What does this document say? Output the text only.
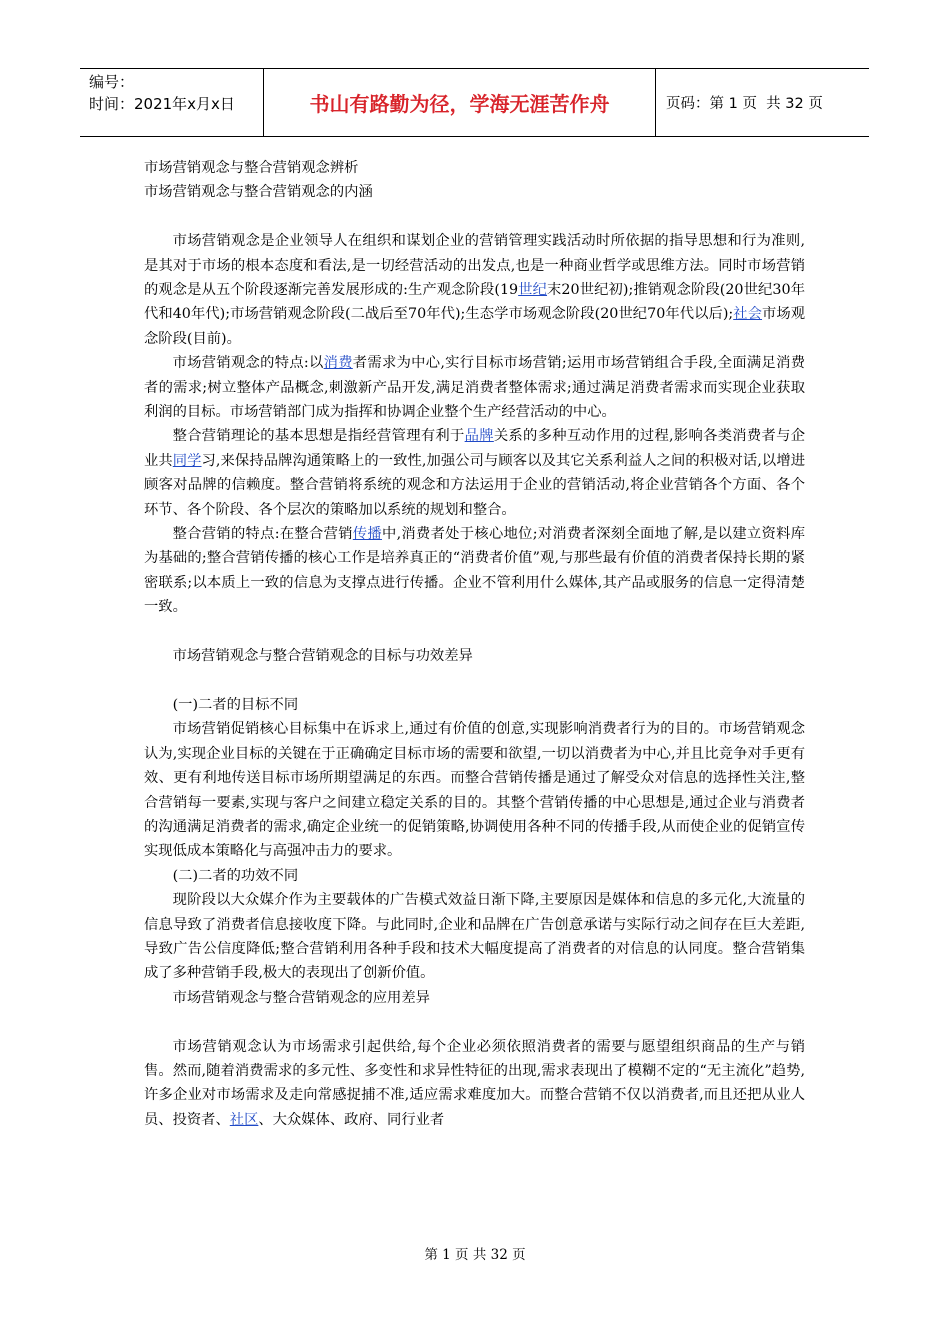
编号：
时间：2021年x月x日	书山有路勤为径，学海无涯苦作舟	页码：第 1 页  共 32 页

市场营销观念与整合营销观念辨析

市场营销观念与整合营销观念的内涵

市场营销观念是企业领导人在组织和谋划企业的营销管理实践活动时所依据的指导思想和行为准则,是其对于市场的根本态度和看法,是一切经营活动的出发点,也是一种商业哲学或思维方法。同时市场营销的观念是从五个阶段逐渐完善发展形成的:生产观念阶段(19世纪末20世纪初);推销观念阶段(20世纪30年代和40年代);市场营销观念阶段(二战后至70年代);生态学市场观念阶段(20世纪70年代以后);社会市场观念阶段(目前)。

市场营销观念的特点:以消费者需求为中心,实行目标市场营销;运用市场营销组合手段,全面满足消费者的需求;树立整体产品概念,刺激新产品开发,满足消费者整体需求;通过满足消费者需求而实现企业获取利润的目标。市场营销部门成为指挥和协调企业整个生产经营活动的中心。

整合营销理论的基本思想是指经营管理有利于品牌关系的多种互动作用的过程,影响各类消费者与企业共同学习,来保持品牌沟通策略上的一致性,加强公司与顾客以及其它关系利益人之间的积极对话,以增进顾客对品牌的信赖度。整合营销将系统的观念和方法运用于企业的营销活动,将企业营销各个方面、各个环节、各个阶段、各个层次的策略加以系统的规划和整合。

整合营销的特点:在整合营销传播中,消费者处于核心地位;对消费者深刻全面地了解,是以建立资料库为基础的;整合营销传播的核心工作是培养真正的“消费者价值”观,与那些最有价值的消费者保持长期的紧密联系;以本质上一致的信息为支撑点进行传播。企业不管利用什么媒体,其产品或服务的信息一定得清楚一致。

市场营销观念与整合营销观念的目标与功效差异

(一)二者的目标不同

市场营销促销核心目标集中在诉求上,通过有价值的创意,实现影响消费者行为的目的。市场营销观念认为,实现企业目标的关键在于正确确定目标市场的需要和欲望,一切以消费者为中心,并且比竞争对手更有效、更有利地传送目标市场所期望满足的东西。而整合营销传播是通过了解受众对信息的选择性关注,整合营销每一要素,实现与客户之间建立稳定关系的目的。其整个营销传播的中心思想是,通过企业与消费者的沟通满足消费者的需求,确定企业统一的促销策略,协调使用各种不同的传播手段,从而使企业的促销宣传实现低成本策略化与高强冲击力的要求。

(二)二者的功效不同

现阶段以大众媒介作为主要载体的广告模式效益日渐下降,主要原因是媒体和信息的多元化,大流量的信息导致了消费者信息接收度下降。与此同时,企业和品牌在广告创意承诺与实际行动之间存在巨大差距,导致广告公信度降低;整合营销利用各种手段和技术大幅度提高了消费者的对信息的认同度。整合营销集成了多种营销手段,极大的表现出了创新价值。

市场营销观念与整合营销观念的应用差异

市场营销观念认为市场需求引起供给,每个企业必须依照消费者的需要与愿望组织商品的生产与销售。然而,随着消费需求的多元性、多变性和求异性特征的出现,需求表现出了模糊不定的“无主流化”趋势,许多企业对市场需求及走向常感捉捕不准,适应需求难度加大。而整合营销不仅以消费者,而且还把从业人员、投资者、社区、大众媒体、政府、同行业者

第 1 页 共 32 页
